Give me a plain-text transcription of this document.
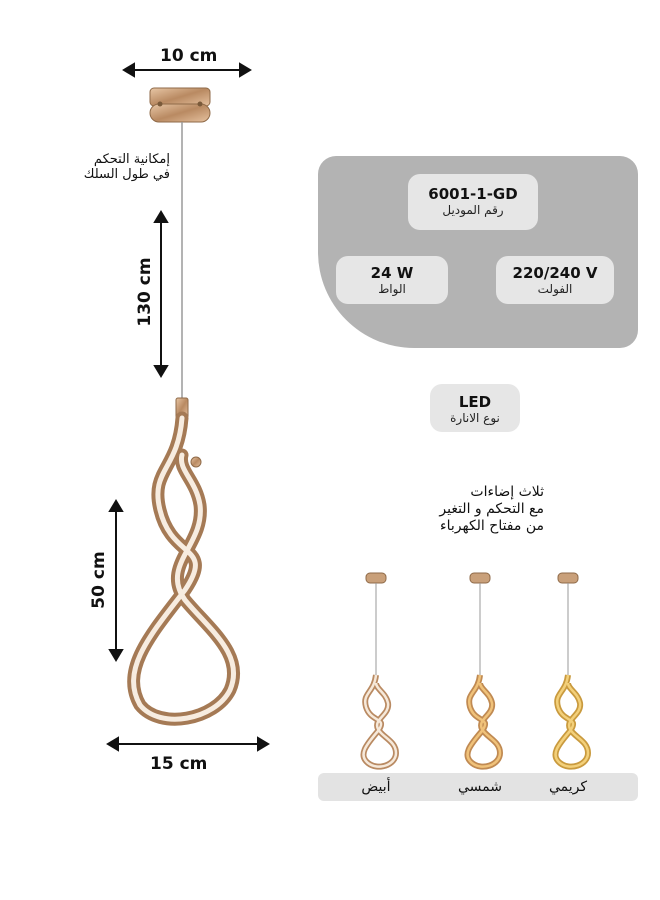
10 cm
130 cm
50 cm
15 cm
إمكانية التحكم
في طول السلك
6001-1-GD
رقم الموديل
24 W
الواط
220/240 V
الفولت
LED
نوع الانارة
ثلاث إضاءات
مع التحكم و التغير
من مفتاح الكهرباء
أبيض	شمسي	كريمي
